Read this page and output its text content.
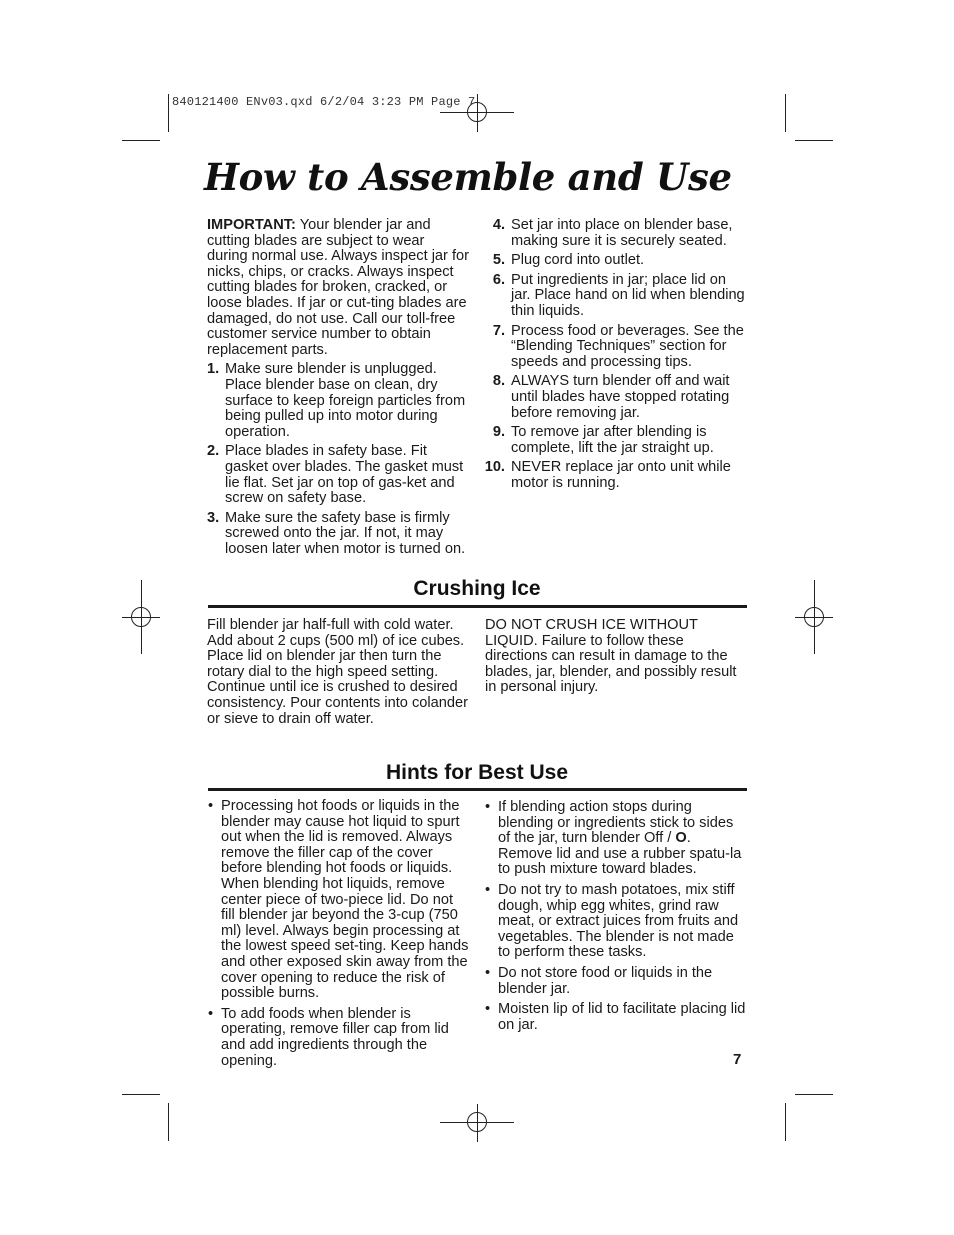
840121400 ENv03.qxd 6/2/04 3:23 PM Page 7
How to Assemble and Use

IMPORTANT: Your blender jar and cutting blades are subject to wear during normal use. Always inspect jar for nicks, chips, or cracks. Always inspect cutting blades for broken, cracked, or loose blades. If jar or cut-ting blades are damaged, do not use. Call our toll-free customer service number to obtain replacement parts.

1. Make sure blender is unplugged. Place blender base on clean, dry surface to keep foreign particles from being pulled up into motor during operation.
2. Place blades in safety base. Fit gasket over blades. The gasket must lie flat. Set jar on top of gas-ket and screw on safety base.
3. Make sure the safety base is firmly screwed onto the jar. If not, it may loosen later when motor is turned on.
4. Set jar into place on blender base, making sure it is securely seated.
5. Plug cord into outlet.
6. Put ingredients in jar; place lid on jar. Place hand on lid when blending thin liquids.
7. Process food or beverages. See the “Blending Techniques” section for speeds and processing tips.
8. ALWAYS turn blender off and wait until blades have stopped rotating before removing jar.
9. To remove jar after blending is complete, lift the jar straight up.
10. NEVER replace jar onto unit while motor is running.
Crushing Ice
Fill blender jar half-full with cold water. Add about 2 cups (500 ml) of ice cubes. Place lid on blender jar then turn the rotary dial to the high speed setting. Continue until ice is crushed to desired consistency. Pour contents into colander or sieve to drain off water.
DO NOT CRUSH ICE WITHOUT LIQUID. Failure to follow these directions can result in damage to the blades, jar, blender, and possibly result in personal injury.
Hints for Best Use
• Processing hot foods or liquids in the blender may cause hot liquid to spurt out when the lid is removed. Always remove the filler cap of the cover before blending hot foods or liquids. When blending hot liquids, remove center piece of two-piece lid. Do not fill blender jar beyond the 3-cup (750 ml) level. Always begin processing at the lowest speed set-ting. Keep hands and other exposed skin away from the cover opening to reduce the risk of possible burns.
• To add foods when blender is operating, remove filler cap from lid and add ingredients through the opening.
• If blending action stops during blending or ingredients stick to sides of the jar, turn blender Off / O. Remove lid and use a rubber spatu-la to push mixture toward blades.
• Do not try to mash potatoes, mix stiff dough, whip egg whites, grind raw meat, or extract juices from fruits and vegetables. The blender is not made to perform these tasks.
• Do not store food or liquids in the blender jar.
• Moisten lip of lid to facilitate placing lid on jar.
7
